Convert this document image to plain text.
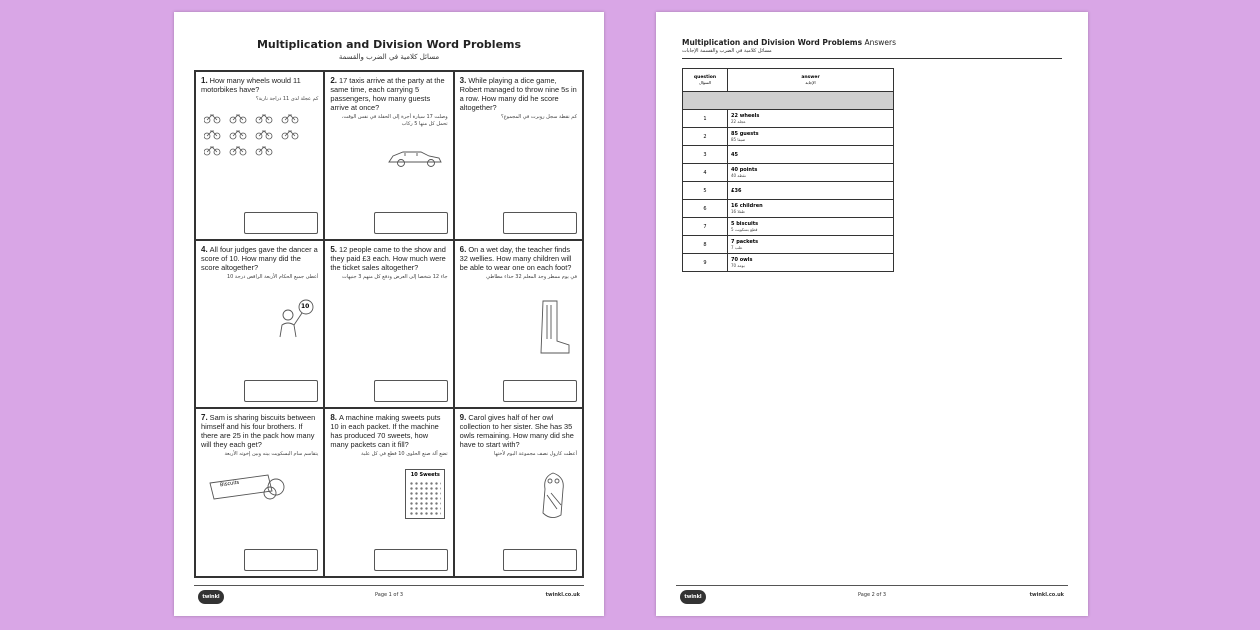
Multiplication and Division Word Problems
مسائل كلامية في الضرب والقسمة
1. How many wheels would 11 motorbikes have?
كم عجلة لدى 11 دراجة نارية؟
2. 17 taxis arrive at the party at the same time, each carrying 5 passengers, how many guests arrive at once?
وصلت 17 سيارة أجرة إلى الحفلة في نفس الوقت، تحمل كل منها 5 ركاب
3. While playing a dice game, Robert managed to throw nine 5s in a row. How many did he score altogether?
كم نقطة سجل روبرت في المجموع؟
4. All four judges gave the dancer a score of 10. How many did the score altogether?
أعطى جميع الحكام الأربعة الراقص درجة 10
10
5. 12 people came to the show and they paid £3 each. How much were the ticket sales altogether?
جاء 12 شخصا إلى العرض ودفع كل منهم 3 جنيهات
6. On a wet day, the teacher finds 32 wellies. How many children will be able to wear one on each foot?
في يوم ممطر وجد المعلم 32 حذاء مطاطي
7. Sam is sharing biscuits between himself and his four brothers. If there are 25 in the pack how many will they each get?
يتقاسم سام البسكويت بينه وبين إخوته الأربعة
Biscuits
8. A machine making sweets puts 10 in each packet. If the machine has produced 70 sweets, how many packets can it fill?
تضع آلة صنع الحلوى 10 قطع في كل علبة
10 Sweets
9. Carol gives half of her owl collection to her sister. She has 35 owls remaining. How many did she have to start with?
أعطت كارول نصف مجموعة البوم لأختها
twinkl	Page 1 of 3	twinkl.co.uk
Multiplication and Division Word Problems Answers
مسائل كلامية في الضرب والقسمة الإجابات
question
السؤال	answer
الإجابة

1	22 wheels
22 عجلة

2	85 guests
85 ضيفا

3	45

4	40 points
40 نقطة

5	£36

6	16 children
16 طفلا

7	5 biscuits
5 قطع بسكويت

8	7 packets
7 علب

9	70 owls
70 بومة
twinkl	Page 2 of 3	twinkl.co.uk
